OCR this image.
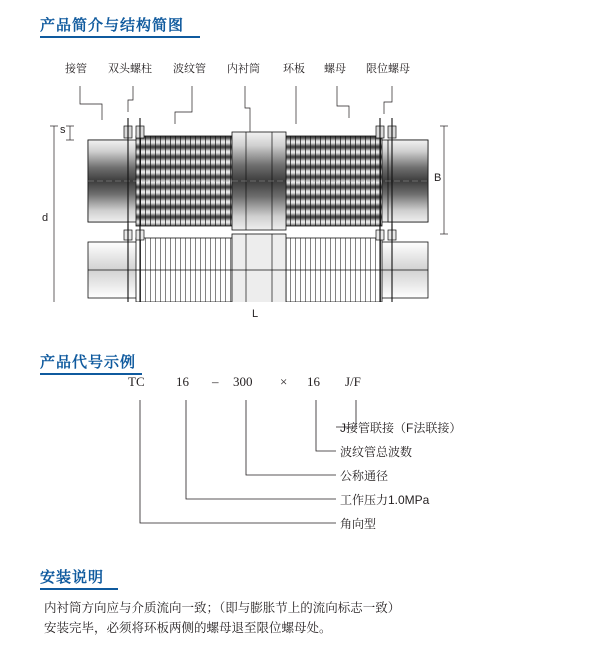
产品简介与结构简图
接管 双头螺柱 波纹管 内衬筒 环板 螺母 限位螺母
s
d
B
L
产品代号示例
TC 16 – 300 × 16 J/F
J接管联接（F法联接）
波纹管总波数
公称通径
工作压力1.0MPa
角向型
安装说明
内衬筒方向应与介质流向一致；（即与膨胀节上的流向标志一致）
安装完毕，必须将环板两侧的螺母退至限位螺母处。
